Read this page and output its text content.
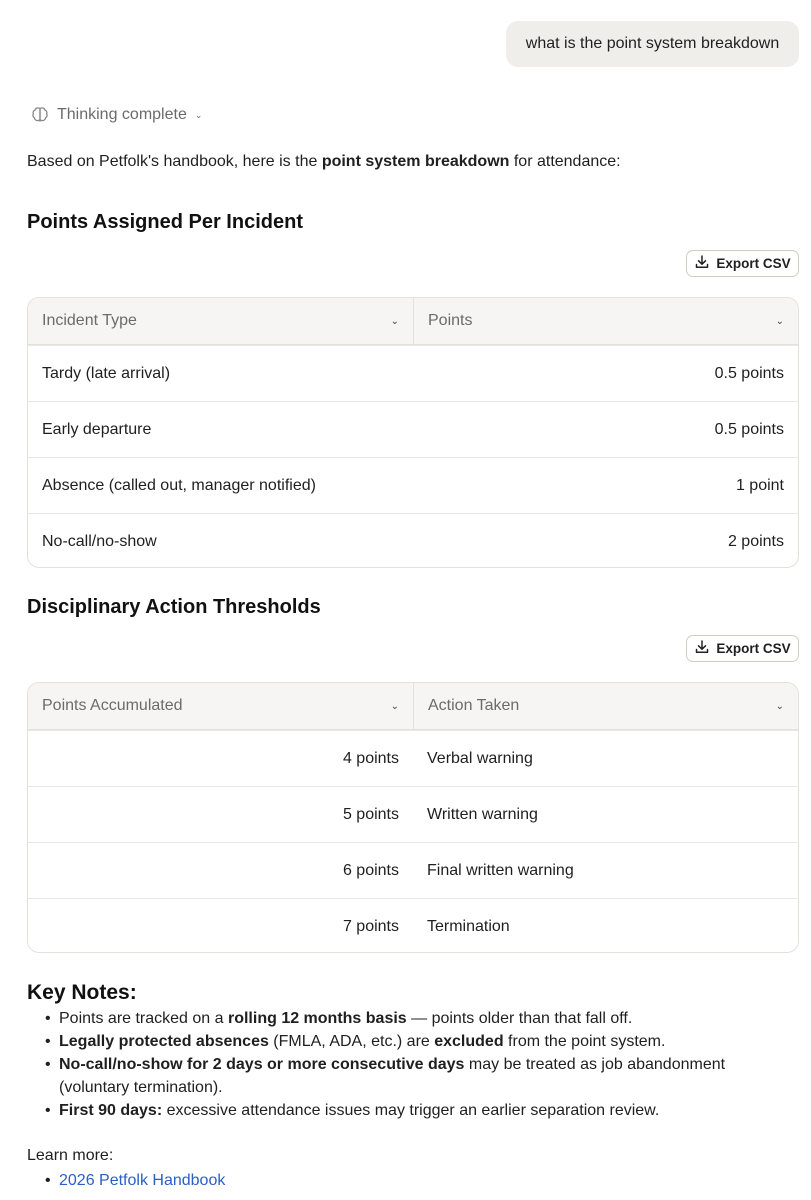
what is the point system breakdown
Thinking complete ⌄

Based on Petfolk's handbook, here is the point system breakdown for attendance:

Points Assigned Per Incident
Export CSV
Incident Type	⌄ Points	⌄
Tardy (late arrival)	0.5 points
Early departure	0.5 points
Absence (called out, manager notified)	1 point
No-call/no-show	2 points
Disciplinary Action Thresholds
Export CSV
Points Accumulated	⌄ Action Taken	⌄
4 points	Verbal warning
5 points	Written warning
6 points	Final written warning
7 points	Termination
Key Notes:
• Points are tracked on a rolling 12 months basis — points older than that fall off.
• Legally protected absences (FMLA, ADA, etc.) are excluded from the point system.
• No-call/no-show for 2 days or more consecutive days may be treated as job abandonment (voluntary termination).
• First 90 days: excessive attendance issues may trigger an earlier separation review.
Learn more:
• 2026 Petfolk Handbook
